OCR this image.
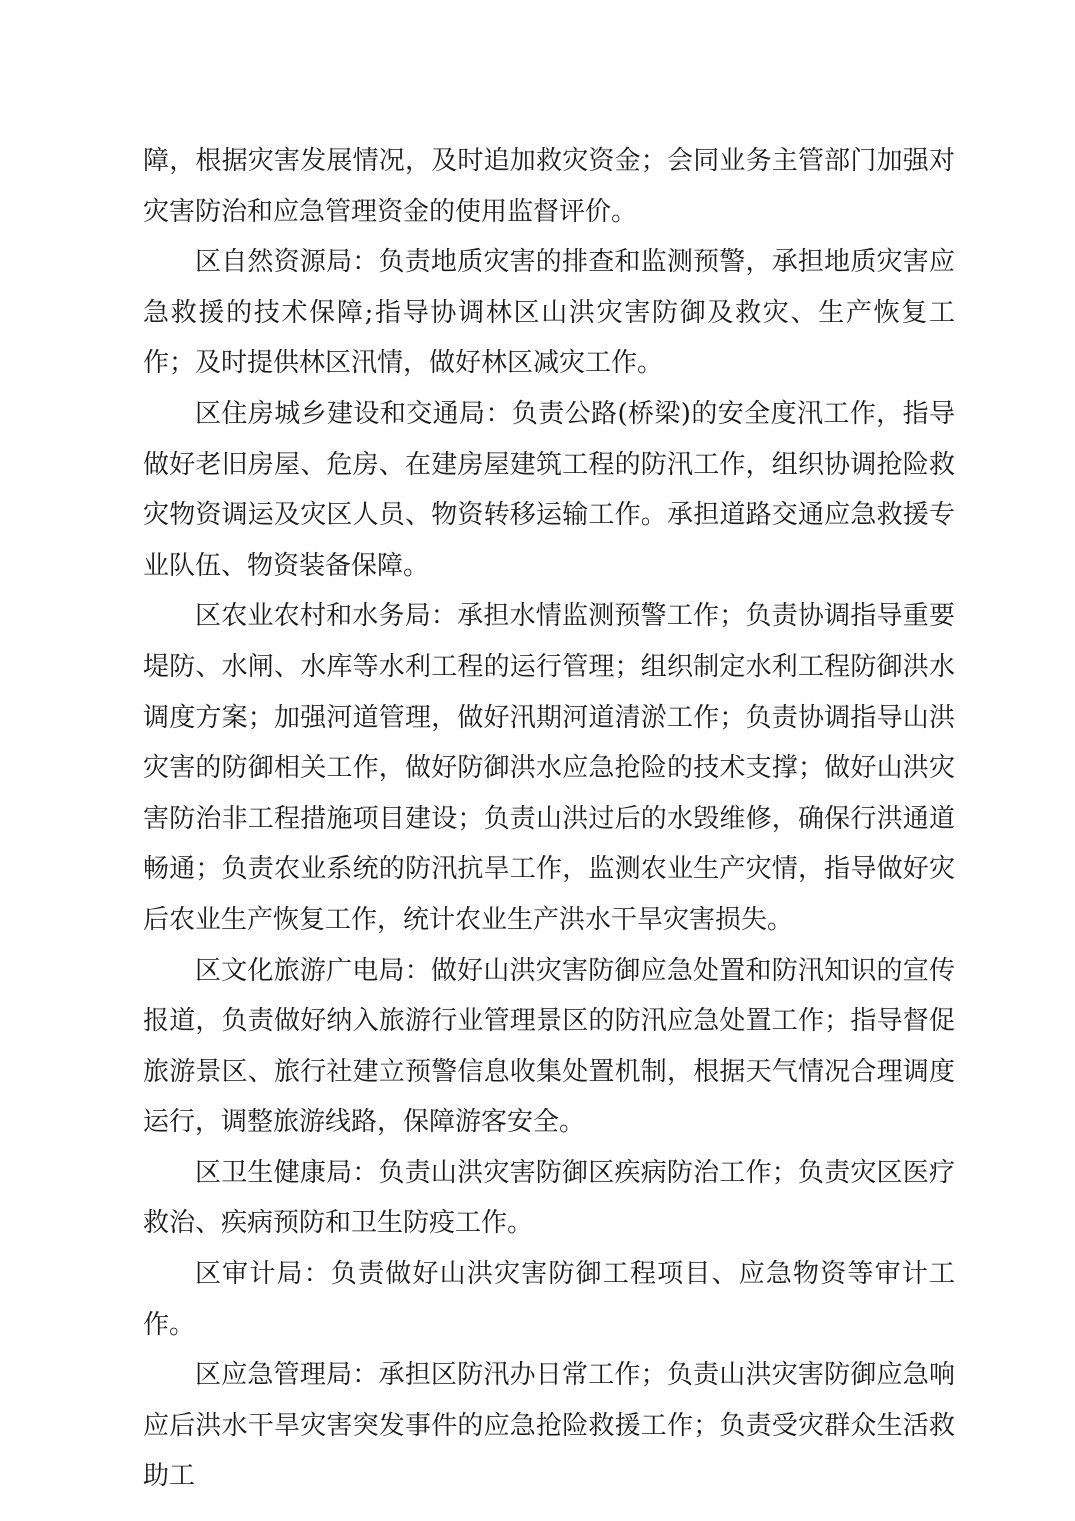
障，根据灾害发展情况，及时追加救灾资金；会同业务主管部门加强对灾害防治和应急管理资金的使用监督评价。

区自然资源局：负责地质灾害的排查和监测预警，承担地质灾害应急救援的技术保障;指导协调林区山洪灾害防御及救灾、生产恢复工作；及时提供林区汛情，做好林区减灾工作。

区住房城乡建设和交通局：负责公路(桥梁)的安全度汛工作，指导做好老旧房屋、危房、在建房屋建筑工程的防汛工作，组织协调抢险救灾物资调运及灾区人员、物资转移运输工作。承担道路交通应急救援专业队伍、物资装备保障。

区农业农村和水务局：承担水情监测预警工作；负责协调指导重要堤防、水闸、水库等水利工程的运行管理；组织制定水利工程防御洪水调度方案；加强河道管理，做好汛期河道清淤工作；负责协调指导山洪灾害的防御相关工作，做好防御洪水应急抢险的技术支撑；做好山洪灾害防治非工程措施项目建设；负责山洪过后的水毁维修，确保行洪通道畅通；负责农业系统的防汛抗旱工作，监测农业生产灾情，指导做好灾后农业生产恢复工作，统计农业生产洪水干旱灾害损失。

区文化旅游广电局：做好山洪灾害防御应急处置和防汛知识的宣传报道，负责做好纳入旅游行业管理景区的防汛应急处置工作；指导督促旅游景区、旅行社建立预警信息收集处置机制，根据天气情况合理调度运行，调整旅游线路，保障游客安全。

区卫生健康局：负责山洪灾害防御区疾病防治工作；负责灾区医疗救治、疾病预防和卫生防疫工作。

区审计局：负责做好山洪灾害防御工程项目、应急物资等审计工作。

区应急管理局：承担区防汛办日常工作；负责山洪灾害防御应急响应后洪水干旱灾害突发事件的应急抢险救援工作；负责受灾群众生活救助工
